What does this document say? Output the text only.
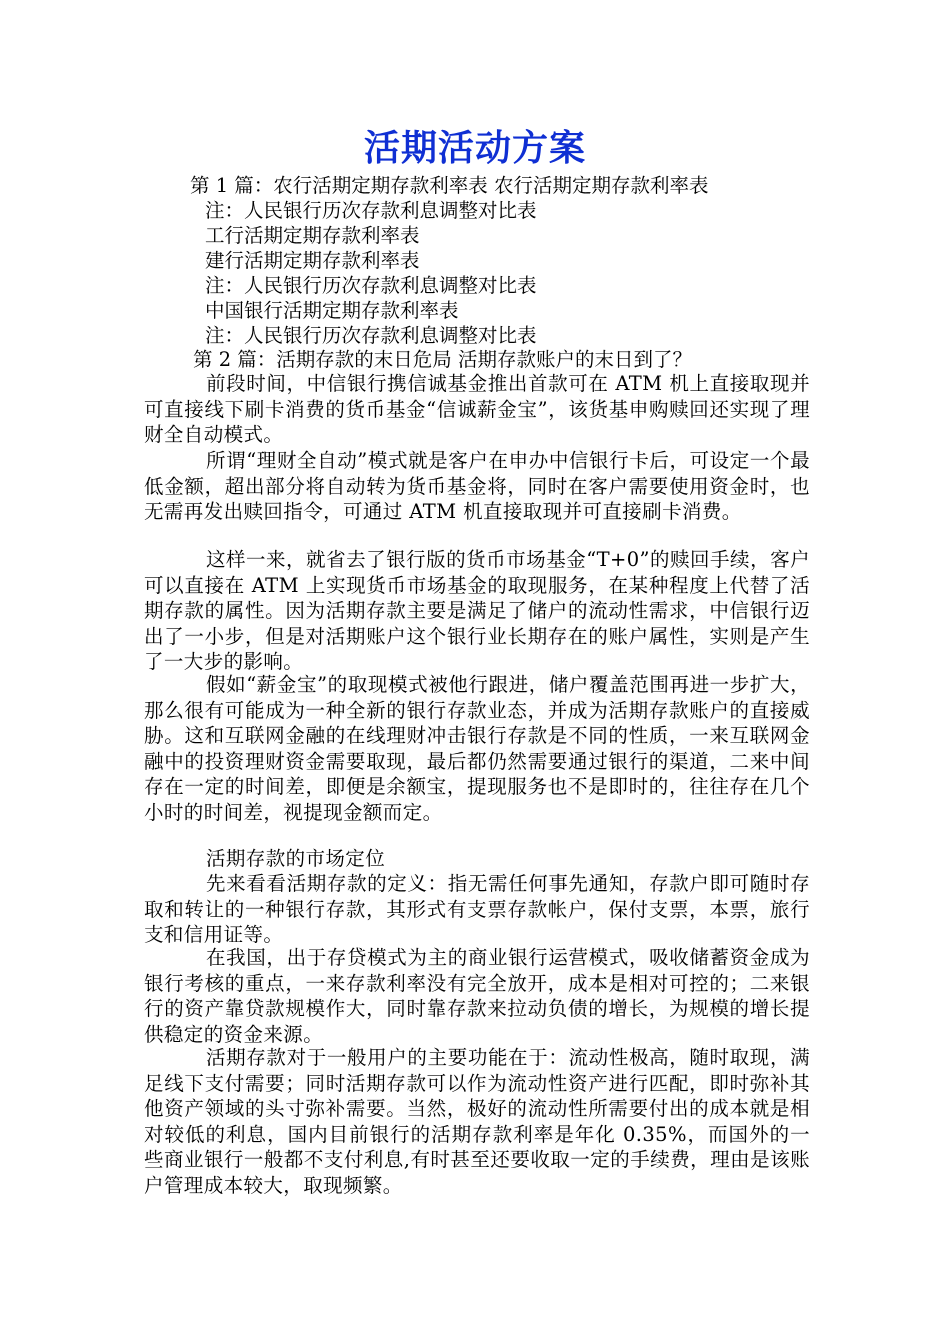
活期活动方案
第 1 篇：农行活期定期存款利率表 农行活期定期存款利率表
注：人民银行历次存款利息调整对比表
工行活期定期存款利率表
建行活期定期存款利率表
注：人民银行历次存款利息调整对比表
中国银行活期定期存款利率表
注：人民银行历次存款利息调整对比表
第 2 篇：活期存款的末日危局 活期存款账户的末日到了？
前段时间，中信银行携信诚基金推出首款可在 ATM 机上直接取现并可直接线下刷卡消费的货币基金“信诚薪金宝”，该货基申购赎回还实现了理财全自动模式。
所谓“理财全自动”模式就是客户在申办中信银行卡后，可设定一个最低金额，超出部分将自动转为货币基金将，同时在客户需要使用资金时，也无需再发出赎回指令，可通过 ATM 机直接取现并可直接刷卡消费。
这样一来，就省去了银行版的货币市场基金“T+0”的赎回手续，客户可以直接在 ATM 上实现货币市场基金的取现服务，在某种程度上代替了活期存款的属性。因为活期存款主要是满足了储户的流动性需求，中信银行迈出了一小步，但是对活期账户这个银行业长期存在的账户属性，实则是产生了一大步的影响。
假如“薪金宝”的取现模式被他行跟进，储户覆盖范围再进一步扩大，那么很有可能成为一种全新的银行存款业态，并成为活期存款账户的直接威胁。这和互联网金融的在线理财冲击银行存款是不同的性质，一来互联网金融中的投资理财资金需要取现，最后都仍然需要通过银行的渠道，二来中间存在一定的时间差，即便是余额宝，提现服务也不是即时的，往往存在几个小时的时间差，视提现金额而定。
活期存款的市场定位
先来看看活期存款的定义：指无需任何事先通知，存款户即可随时存取和转让的一种银行存款，其形式有支票存款帐户，保付支票，本票，旅行支和信用证等。
在我国，出于存贷模式为主的商业银行运营模式，吸收储蓄资金成为银行考核的重点，一来存款利率没有完全放开，成本是相对可控的；二来银行的资产靠贷款规模作大，同时靠存款来拉动负债的增长，为规模的增长提供稳定的资金来源。
活期存款对于一般用户的主要功能在于：流动性极高，随时取现，满足线下支付需要；同时活期存款可以作为流动性资产进行匹配，即时弥补其他资产领域的头寸弥补需要。当然，极好的流动性所需要付出的成本就是相对较低的利息，国内目前银行的活期存款利率是年化 0.35%，而国外的一些商业银行一般都不支付利息,有时甚至还要收取一定的手续费，理由是该账户管理成本较大，取现频繁。
